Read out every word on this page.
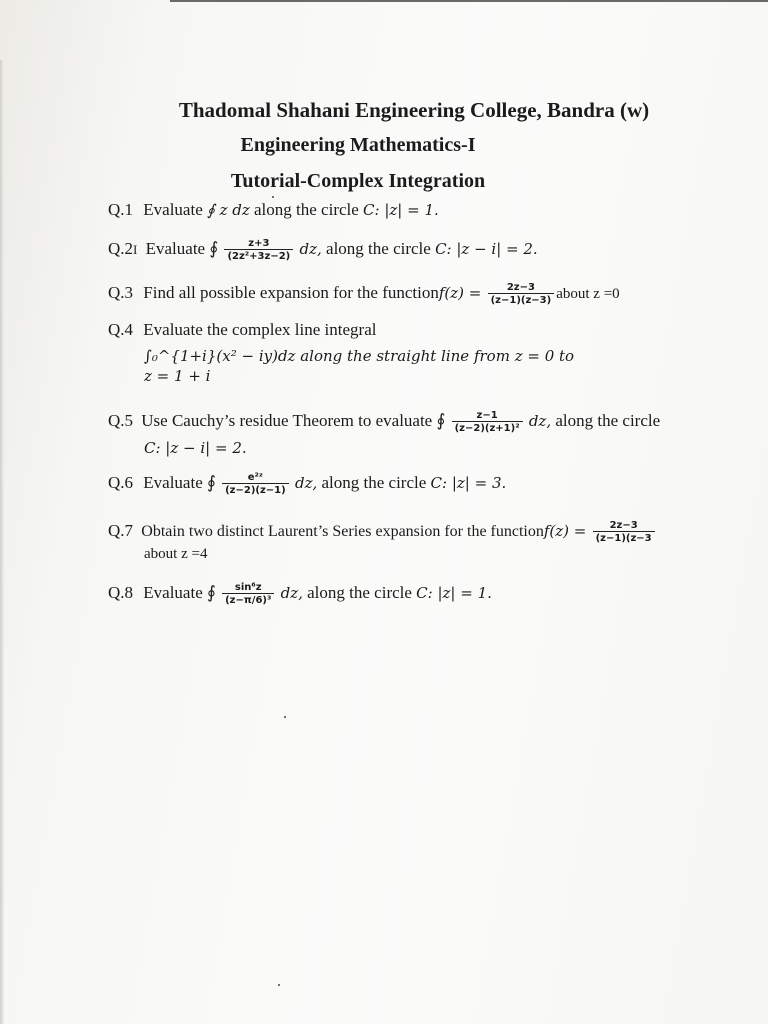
Thadomal Shahani Engineering College, Bandra (w)
Engineering Mathematics-I
Tutorial-Complex Integration
Q.1 Evaluate ∮ z dz along the circle C: |z| = 1.
Q.2I Evaluate ∮ $\frac{z+3}{\text{(2z²+3z−2)}}$ dz, along the circle C: |z − i| = 2.
Q.3 Find all possible expansion for the functionf(z) = $\frac{2z-3}{(z-1)(z-3)}$ about z =0
Q.4 Evaluate the complex line integral
∫₀^{1+i}(x² − iy)dz along the straight line from z = 0 to
z = 1 + i
Q.5 Use Cauchy’s residue Theorem to evaluate ∮ $\frac{z-1}{\text{(z−2)(z+1)²}}$ dz, along the circle
C: |z − i| = 2.
Q.6 Evaluate ∮ $\frac{\text{e²ᶻ}}{(z-2)(z-1)}$ dz, along the circle C: |z| = 3.
Q.7 Obtain two distinct Laurent’s Series expansion for the functionf(z) = $\frac{2z-3}{(z-1)(z-3}$
about z =4
Q.8 Evaluate ∮ $\frac{\text{sin⁶z}}{\text{(z−π/6)³}}$ dz, along the circle C: |z| = 1.
